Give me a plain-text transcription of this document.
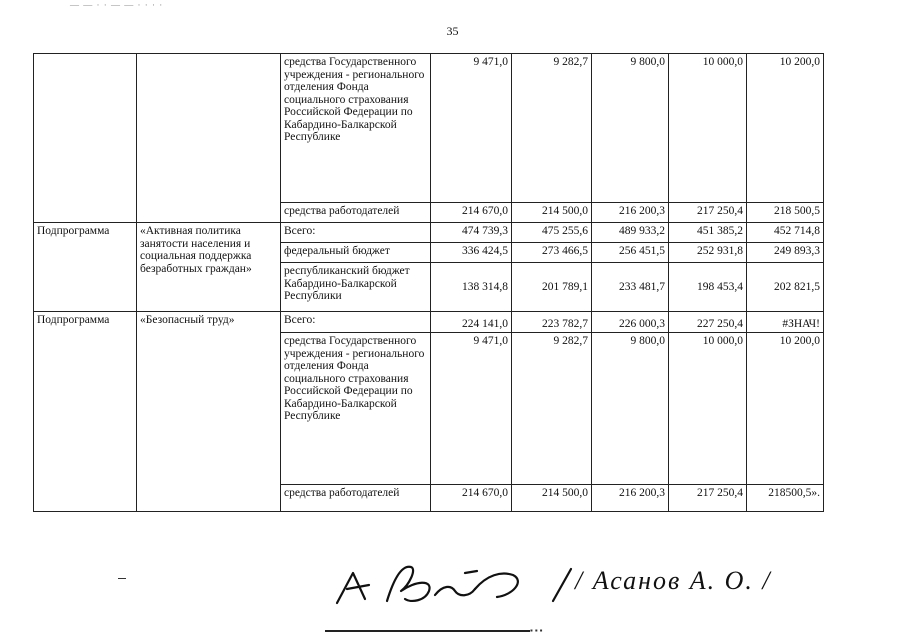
— — · · — — · · · ·
35
		средства Государственного учреждения - регионального отделения Фонда социального страхования Российской Федерации по Кабардино-Балкарской Республике	9 471,0	9 282,7	9 800,0	10 000,0	10 200,0
		средства работодателей	214 670,0	214 500,0	216 200,3	217 250,4	218 500,5
Подпрограмма	«Активная политика занятости населения и социальная поддержка безработных граждан»	Всего:	474 739,3	475 255,6	489 933,2	451 385,2	452 714,8
		федеральный бюджет	336 424,5	273 466,5	256 451,5	252 931,8	249 893,3
		республиканский бюджет Кабардино-Балкарской Республики	138 314,8	201 789,1	233 481,7	198 453,4	202 821,5
Подпрограмма	«Безопасный труд»	Всего:	224 141,0	223 782,7	226 000,3	227 250,4	#ЗНАЧ!
		средства Государственного учреждения - регионального отделения Фонда социального страхования Российской Федерации по Кабардино-Балкарской Республике	9 471,0	9 282,7	9 800,0	10 000,0	10 200,0
		средства работодателей	214 670,0	214 500,0	216 200,3	217 250,4	218500,5».
/ Асанов А. О. /
▪ ▪ ▪
